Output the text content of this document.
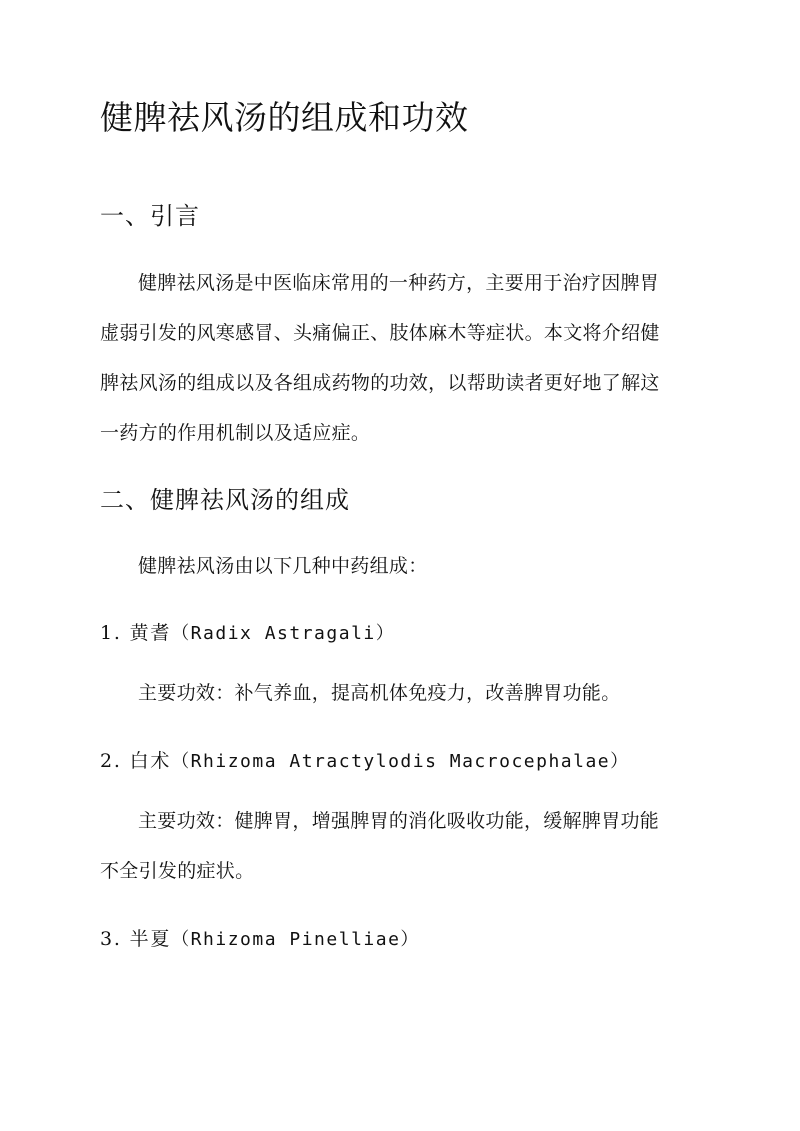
健脾祛风汤的组成和功效
一、引言
健脾祛风汤是中医临床常用的一种药方，主要用于治疗因脾胃
虚弱引发的风寒感冒、头痛偏正、肢体麻木等症状。本文将介绍健
脾祛风汤的组成以及各组成药物的功效，以帮助读者更好地了解这
一药方的作用机制以及适应症。
二、健脾祛风汤的组成
健脾祛风汤由以下几种中药组成：
1. 黄耆（Radix Astragali）
主要功效：补气养血，提高机体免疫力，改善脾胃功能。
2. 白术（Rhizoma Atractylodis Macrocephalae）
主要功效：健脾胃，增强脾胃的消化吸收功能，缓解脾胃功能
不全引发的症状。
3. 半夏（Rhizoma Pinelliae）
